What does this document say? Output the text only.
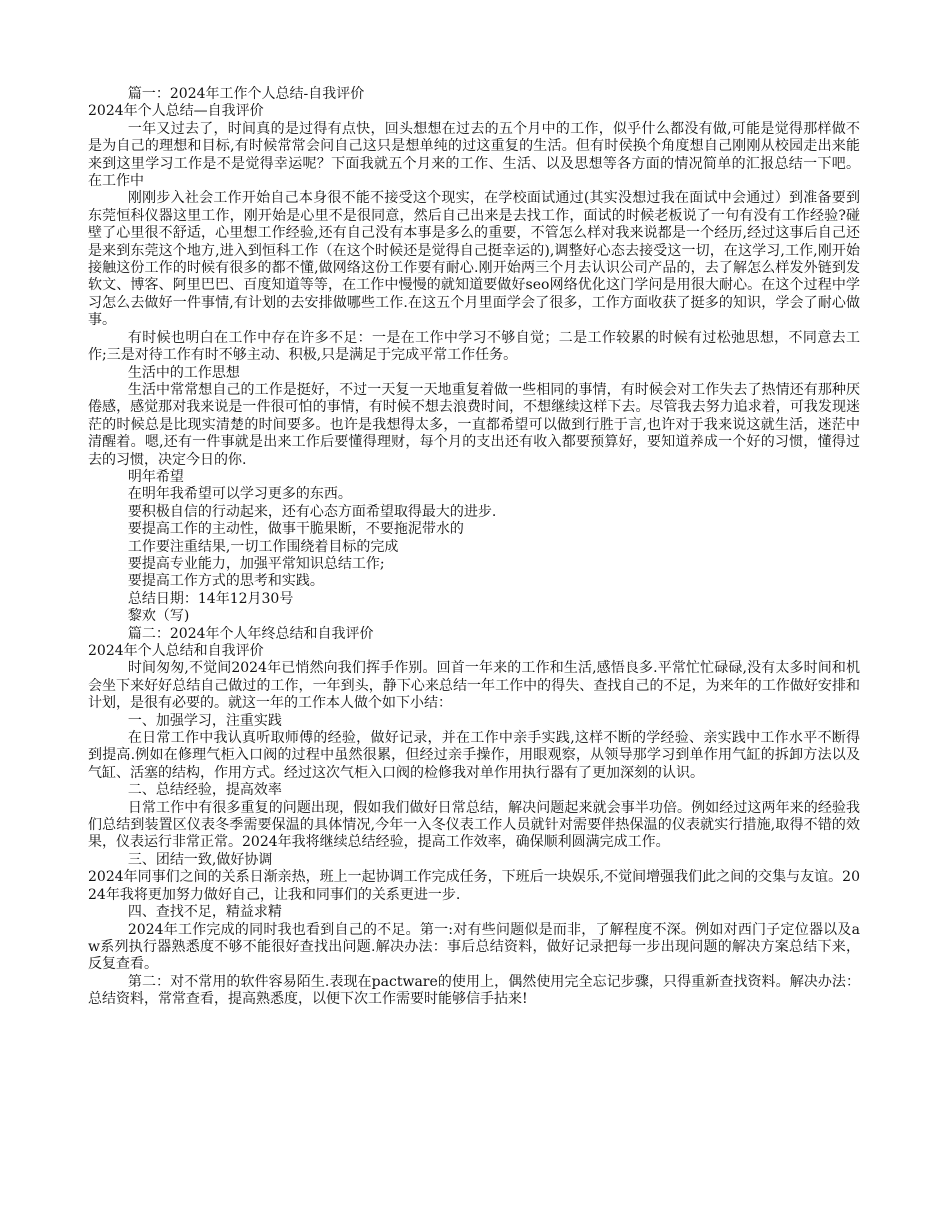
篇一：2024年工作个人总结-自我评价

2024年个人总结—自我评价

一年又过去了，时间真的是过得有点快，回头想想在过去的五个月中的工作，似乎什么都没有做,可能是觉得那样做不是为自己的理想和目标,有时候常常会问自己这只是想单纯的过这重复的生活。但有时侯换个角度想自己刚刚从校园走出来能来到这里学习工作是不是觉得幸运呢？下面我就五个月来的工作、生活、以及思想等各方面的情况简单的汇报总结一下吧。 在工作中

刚刚步入社会工作开始自己本身很不能不接受这个现实，在学校面试通过(其实没想过我在面试中会通过）到准备要到东莞恒科仪器这里工作，刚开始是心里不是很同意，然后自己出来是去找工作，面试的时候老板说了一句有没有工作经验?碰壁了心里很不舒适，心里想工作经验,还有自己没有本事是多么的重要，不管怎么样对我来说都是一个经历,经过这事后自己还是来到东莞这个地方,进入到恒科工作（在这个时候还是觉得自己挺幸运的),调整好心态去接受这一切，在这学习,工作,刚开始接触这份工作的时候有很多的都不懂,做网络这份工作要有耐心.刚开始两三个月去认识公司产品的，去了解怎么样发外链到发软文、博客、阿里巴巴、百度知道等等，在工作中慢慢的就知道要做好seo网络优化这门学问是用很大耐心。在这个过程中学习怎么去做好一件事情,有计划的去安排做哪些工作.在这五个月里面学会了很多，工作方面收获了挺多的知识，学会了耐心做事。

有时候也明白在工作中存在许多不足：一是在工作中学习不够自觉；二是工作较累的时候有过松弛思想，不同意去工作;三是对待工作有时不够主动、积极,只是满足于完成平常工作任务。

生活中的工作思想

生活中常常想自己的工作是挺好，不过一天复一天地重复着做一些相同的事情，有时候会对工作失去了热情还有那种厌倦感，感觉那对我来说是一件很可怕的事情，有时候不想去浪费时间，不想继续这样下去。尽管我去努力追求着，可我发现迷茫的时候总是比现实清楚的时间要多。也许是我想得太多，一直都希望可以做到行胜于言,也许对于我来说这就生活，迷茫中清醒着。嗯,还有一件事就是出来工作后要懂得理财，每个月的支出还有收入都要预算好，要知道养成一个好的习惯，懂得过去的习惯，决定今日的你.

明年希望

在明年我希望可以学习更多的东西。

要积极自信的行动起来，还有心态方面希望取得最大的进步.

要提高工作的主动性，做事干脆果断，不要拖泥带水的

工作要注重结果,一切工作围绕着目标的完成

要提高专业能力，加强平常知识总结工作;

要提高工作方式的思考和实践。

总结日期：14年12月30号

黎欢（写)

篇二：2024年个人年终总结和自我评价

2024年个人总结和自我评价

时间匆匆,不觉间2024年已悄然向我们挥手作别。回首一年来的工作和生活,感悟良多.平常忙忙碌碌,没有太多时间和机会坐下来好好总结自己做过的工作，一年到头，静下心来总结一年工作中的得失、查找自己的不足，为来年的工作做好安排和计划，是很有必要的。就这一年的工作本人做个如下小结：

一、加强学习，注重实践

在日常工作中我认真听取师傅的经验，做好记录，并在工作中亲手实践,这样不断的学经验、亲实践中工作水平不断得到提高.例如在修理气柜入口阀的过程中虽然很累，但经过亲手操作，用眼观察，从领导那学习到单作用气缸的拆卸方法以及气缸、活塞的结构，作用方式。经过这次气柜入口阀的检修我对单作用执行器有了更加深刻的认识。

二、总结经验，提高效率

日常工作中有很多重复的问题出现，假如我们做好日常总结，解决问题起来就会事半功倍。例如经过这两年来的经验我们总结到装置区仪表冬季需要保温的具体情况,今年一入冬仪表工作人员就针对需要伴热保温的仪表就实行措施,取得不错的效果，仪表运行非常正常。2024年我将继续总结经验，提高工作效率，确保顺利圆满完成工作。

三、团结一致,做好协调

2024年同事们之间的关系日渐亲热，班上一起协调工作完成任务，下班后一块娱乐,不觉间增强我们此之间的交集与友谊。2024年我将更加努力做好自己，让我和同事们的关系更进一步.

四、查找不足，精益求精

2024年工作完成的同时我也看到自己的不足。第一:对有些问题似是而非，了解程度不深。例如对西门子定位器以及aw系列执行器熟悉度不够不能很好查找出问题.解决办法：事后总结资料，做好记录把每一步出现问题的解决方案总结下来，反复查看。

第二：对不常用的软件容易陌生.表现在pactware的使用上，偶然使用完全忘记步骤，只得重新查找资料。解决办法：总结资料，常常查看，提高熟悉度，以便下次工作需要时能够信手拈来!
